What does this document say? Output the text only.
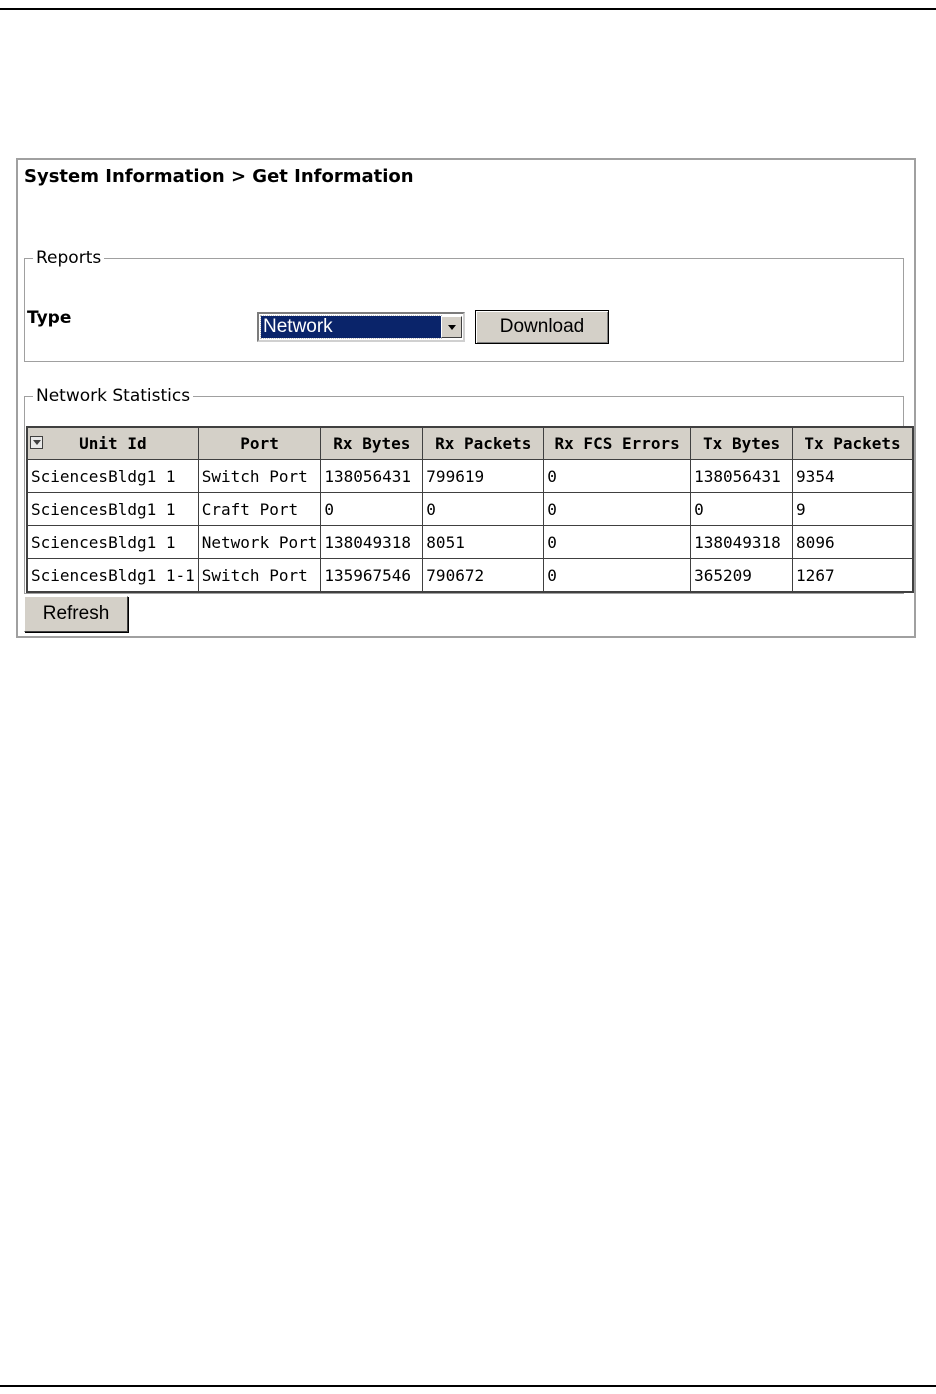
System Information > Get Information
Reports
Type	Network	Download
Network Statistics
Unit Id	Port	Rx Bytes	Rx Packets	Rx FCS Errors	Tx Bytes	Tx Packets
SciencesBldg1 1	Switch Port	138056431	799619	0	138056431	9354
SciencesBldg1 1	Craft Port	0	0	0	0	9
SciencesBldg1 1	Network Port	138049318	8051	0	138049318	8096
SciencesBldg1 1-1	Switch Port	135967546	790672	0	365209	1267
Refresh
